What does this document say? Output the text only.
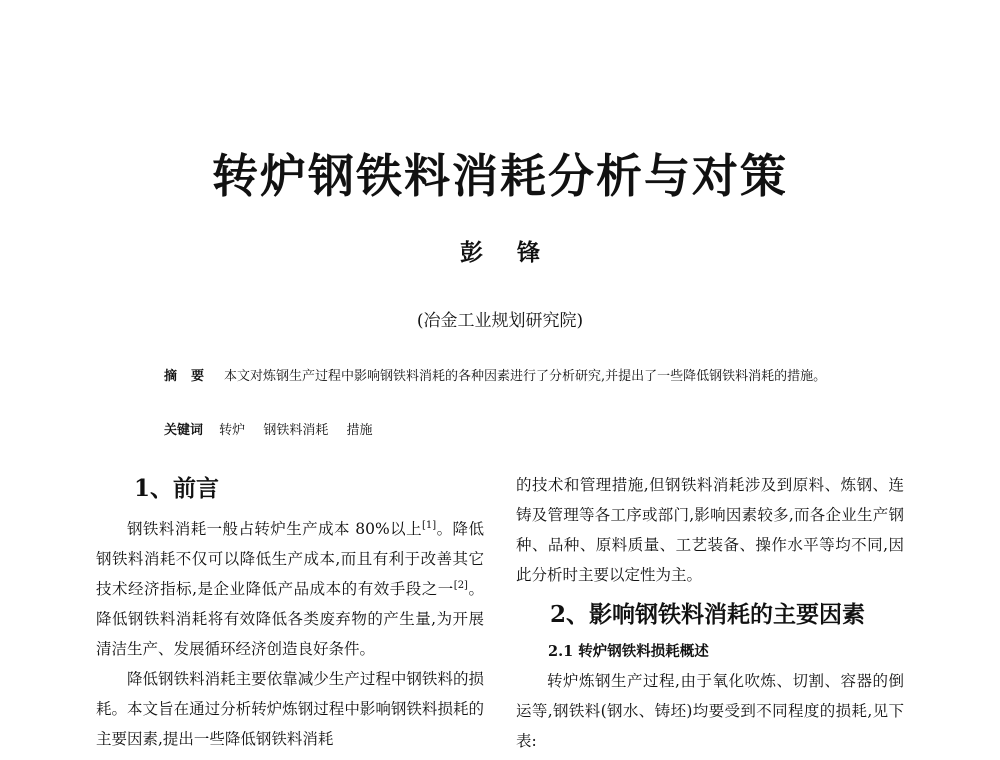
转炉钢铁料消耗分析与对策
彭锋
(冶金工业规划研究院)
摘要 本文对炼钢生产过程中影响钢铁料消耗的各种因素进行了分析研究,并提出了一些降低钢铁料消耗的措施。
关键词 转炉 钢铁料消耗 措施
1、前言

钢铁料消耗一般占转炉生产成本 80%以上[1]。降低钢铁料消耗不仅可以降低生产成本,而且有利于改善其它技术经济指标,是企业降低产品成本的有效手段之一[2]。降低钢铁料消耗将有效降低各类废弃物的产生量,为开展清洁生产、发展循环经济创造良好条件。

降低钢铁料消耗主要依靠减少生产过程中钢铁料的损耗。本文旨在通过分析转炉炼钢过程中影响钢铁料损耗的主要因素,提出一些降低钢铁料消耗

的技术和管理措施,但钢铁料消耗涉及到原料、炼钢、连铸及管理等各工序或部门,影响因素较多,而各企业生产钢种、品种、原料质量、工艺装备、操作水平等均不同,因此分析时主要以定性为主。

2、影响钢铁料消耗的主要因素

2.1 转炉钢铁料损耗概述

转炉炼钢生产过程,由于氧化吹炼、切割、容器的倒运等,钢铁料(钢水、铸坯)均要受到不同程度的损耗,见下表:
